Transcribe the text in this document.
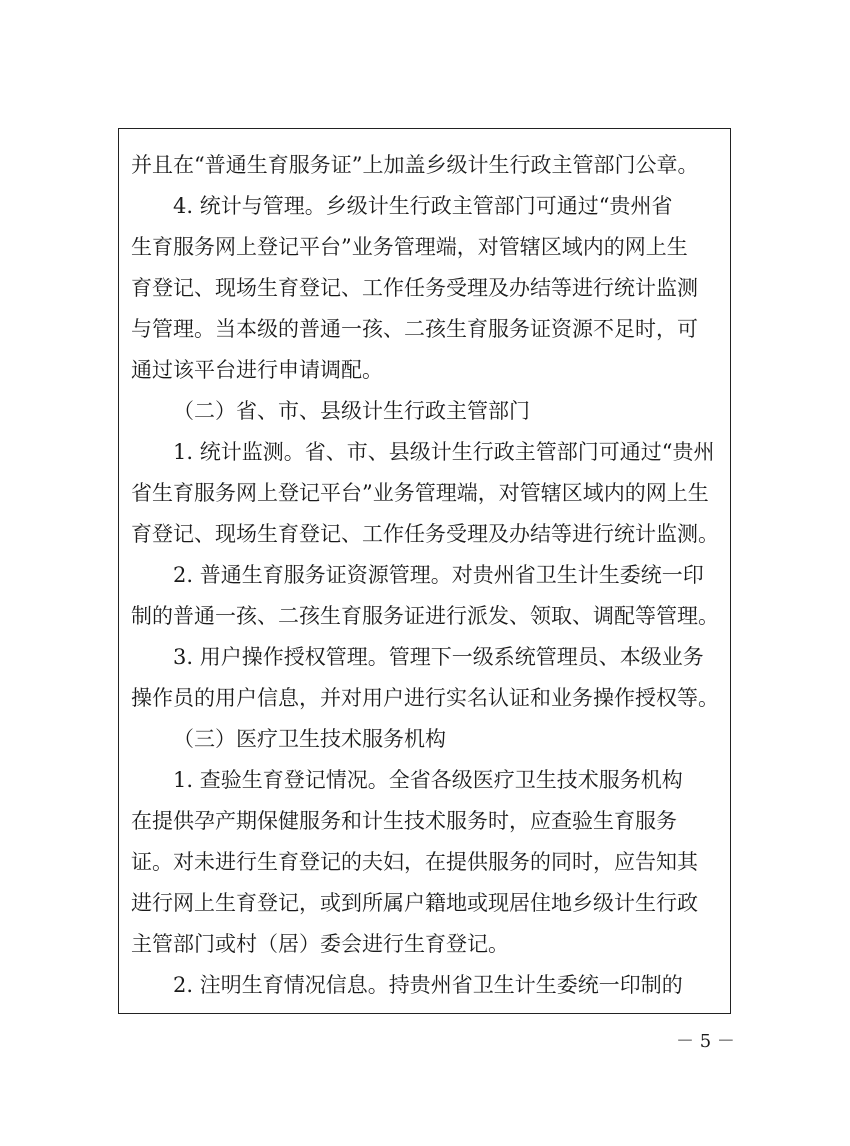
并且在“普通生育服务证”上加盖乡级计生行政主管部门公章。
4. 统计与管理。乡级计生行政主管部门可通过“贵州省
生育服务网上登记平台”业务管理端，对管辖区域内的网上生
育登记、现场生育登记、工作任务受理及办结等进行统计监测
与管理。当本级的普通一孩、二孩生育服务证资源不足时，可
通过该平台进行申请调配。
（二）省、市、县级计生行政主管部门
1. 统计监测。省、市、县级计生行政主管部门可通过“贵州
省生育服务网上登记平台”业务管理端，对管辖区域内的网上生
育登记、现场生育登记、工作任务受理及办结等进行统计监测。
2. 普通生育服务证资源管理。对贵州省卫生计生委统一印
制的普通一孩、二孩生育服务证进行派发、领取、调配等管理。
3. 用户操作授权管理。管理下一级系统管理员、本级业务
操作员的用户信息，并对用户进行实名认证和业务操作授权等。
（三）医疗卫生技术服务机构
1. 查验生育登记情况。全省各级医疗卫生技术服务机构
在提供孕产期保健服务和计生技术服务时，应查验生育服务
证。对未进行生育登记的夫妇，在提供服务的同时，应告知其
进行网上生育登记，或到所属户籍地或现居住地乡级计生行政
主管部门或村（居）委会进行生育登记。
2. 注明生育情况信息。持贵州省卫生计生委统一印制的
－ 5 －
